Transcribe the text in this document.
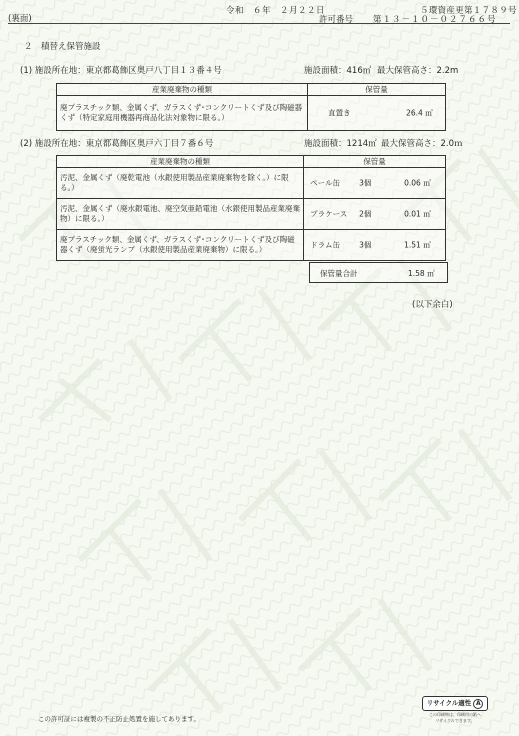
令和　６年　２月２２日	５環資産更第１７８９号
(裏面)	許可番号 第１３－１０－０２７６６号
２　積替え保管施設
(1) 施設所在地：東京都葛飾区奥戸八丁目１３番４号	施設面積：416㎡ 最大保管高さ：2.2m
産業廃棄物の種類	保管量
廃プラスチック類、金属くず、ガラスくず･コンクリートくず及び陶磁器くず（特定家庭用機器再商品化法対象物に限る。）	直置き 26.4 ㎥
(2) 施設所在地：東京都葛飾区奥戸六丁目７番６号	施設面積：1214㎡ 最大保管高さ：2.0ｍ
産業廃棄物の種類	保管量
汚泥、金属くず（廃乾電池（水銀使用製品産業廃棄物を除く。）に限る。）	ペール缶 3個 0.06 ㎥

汚泥、金属くず（廃水銀電池、廃空気亜鉛電池（水銀使用製品産業廃棄物）に限る。）	プラケース 2個 0.01 ㎥

廃プラスチック類、金属くず、ガラスくず･コンクリートくず及び陶磁器くず（廃蛍光ランプ（水銀使用製品産業廃棄物）に限る。）	ドラム缶 3個 1.51 ㎥
保管量合計	1.58 ㎥
(以下余白)
この許可証には複製の不正防止処置を施してあります。
リサイクル適性 A
この印刷物は、印刷用の紙へ
リサイクルできます。
